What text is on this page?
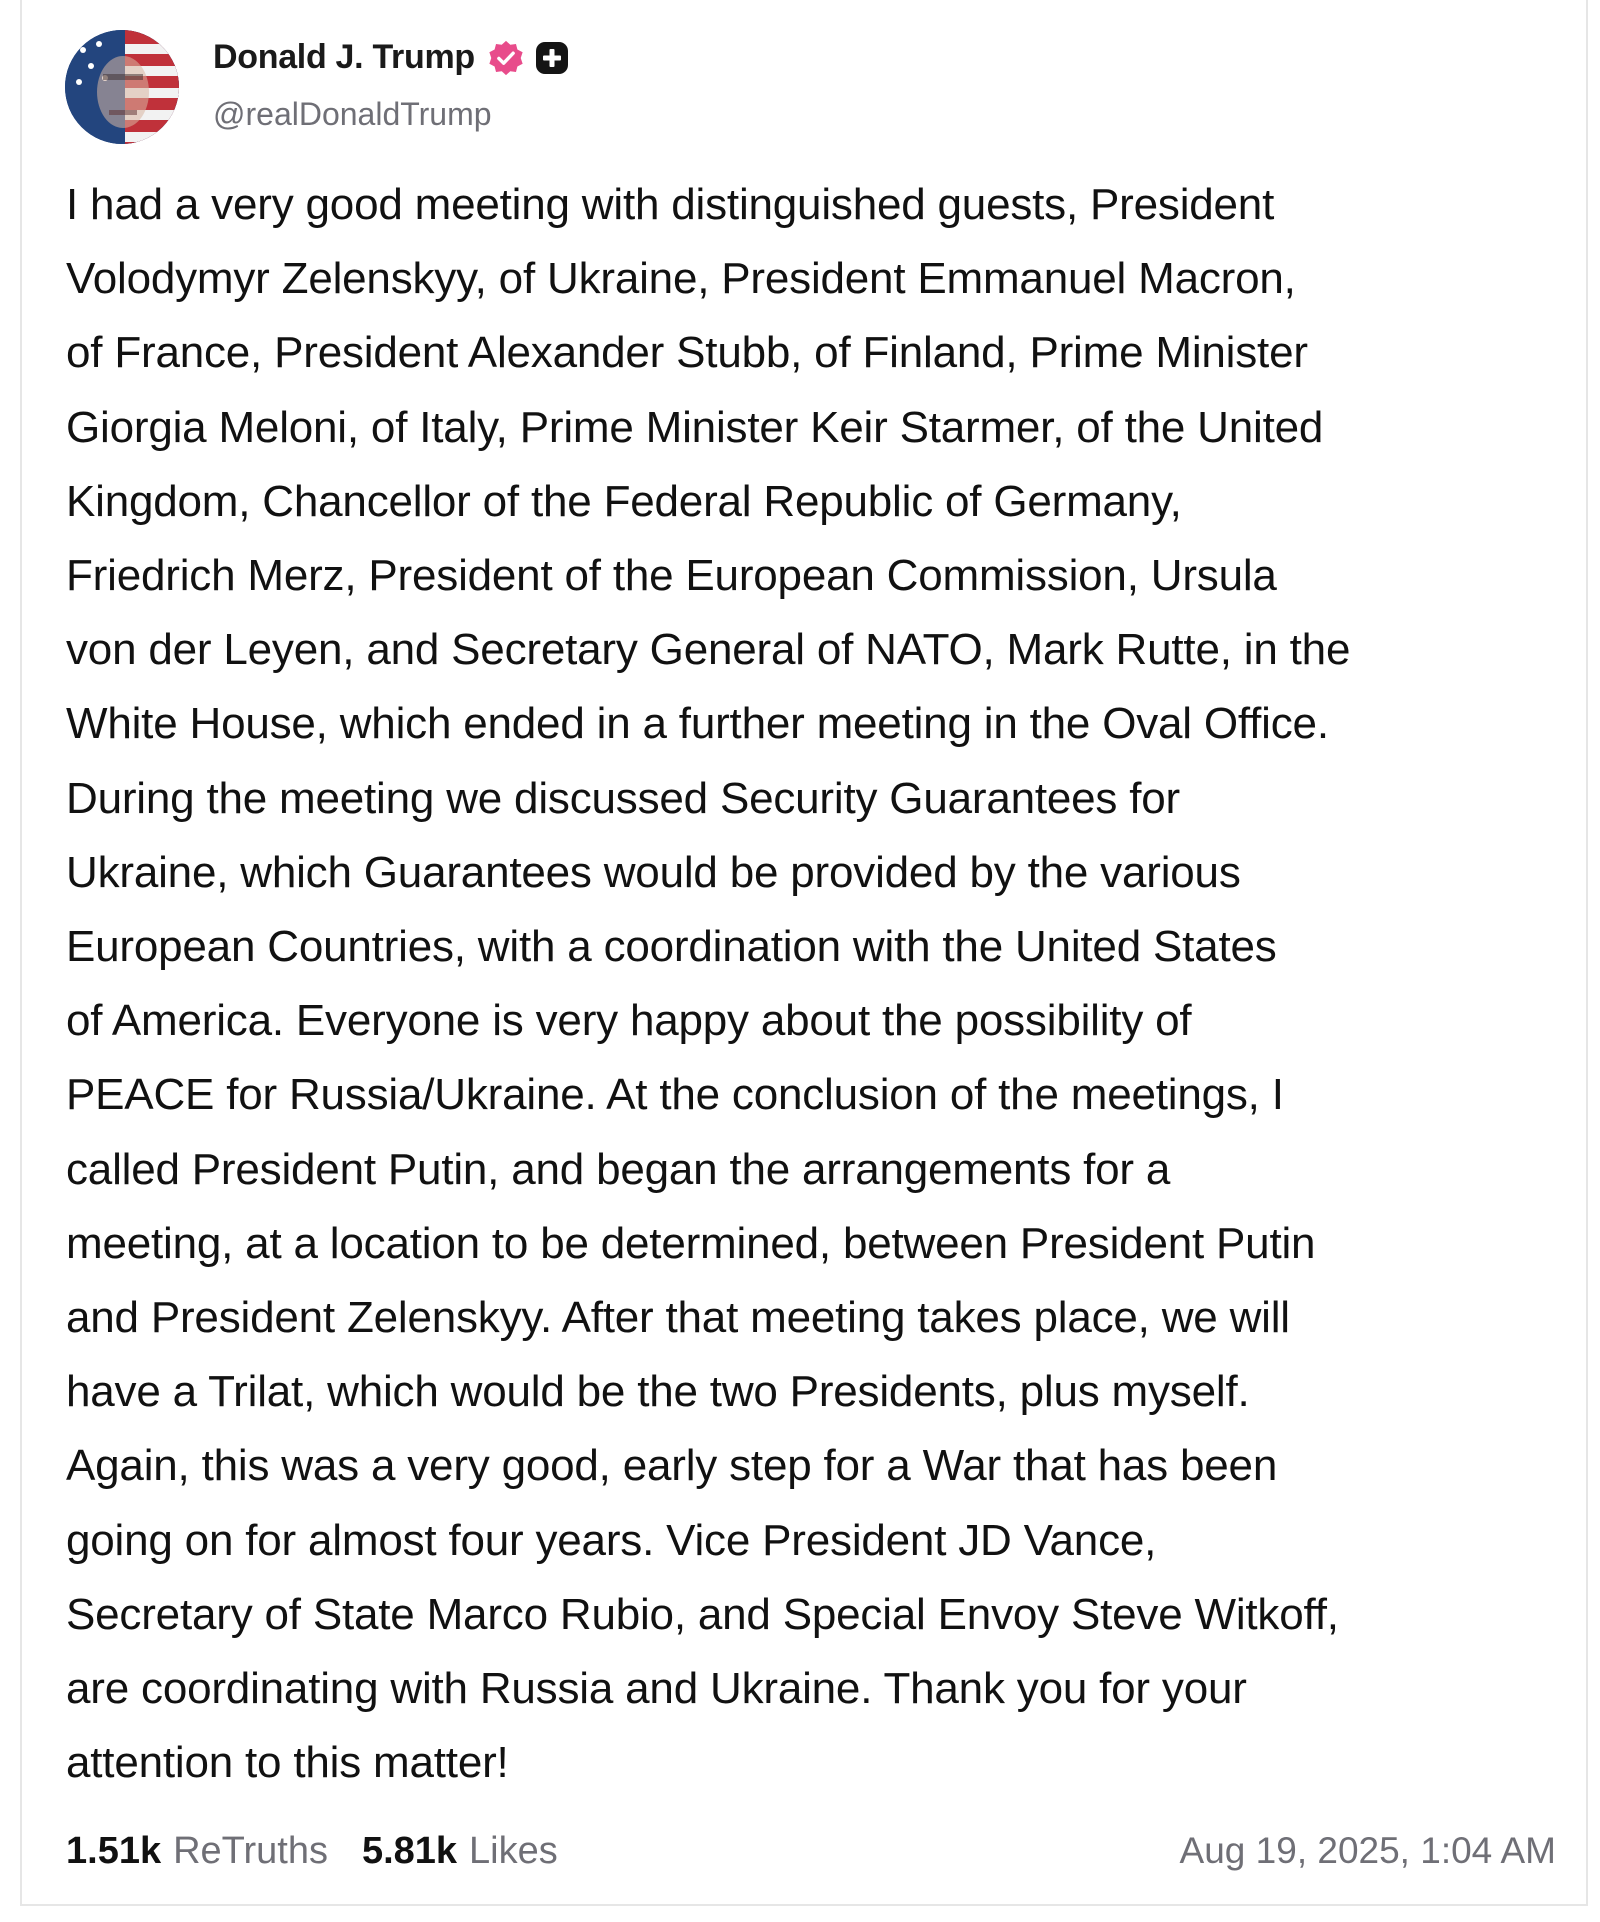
Donald J. Trump
@realDonaldTrump
I had a very good meeting with distinguished guests, President
Volodymyr Zelenskyy, of Ukraine, President Emmanuel Macron,
of France, President Alexander Stubb, of Finland, Prime Minister
Giorgia Meloni, of Italy, Prime Minister Keir Starmer, of the United
Kingdom, Chancellor of the Federal Republic of Germany,
Friedrich Merz, President of the European Commission, Ursula
von der Leyen, and Secretary General of NATO, Mark Rutte, in the
White House, which ended in a further meeting in the Oval Office.
During the meeting we discussed Security Guarantees for
Ukraine, which Guarantees would be provided by the various
European Countries, with a coordination with the United States
of America. Everyone is very happy about the possibility of
PEACE for Russia/Ukraine. At the conclusion of the meetings, I
called President Putin, and began the arrangements for a
meeting, at a location to be determined, between President Putin
and President Zelenskyy. After that meeting takes place, we will
have a Trilat, which would be the two Presidents, plus myself.
Again, this was a very good, early step for a War that has been
going on for almost four years. Vice President JD Vance,
Secretary of State Marco Rubio, and Special Envoy Steve Witkoff,
are coordinating with Russia and Ukraine. Thank you for your
attention to this matter!
1.51k ReTruths 5.81k Likes	Aug 19, 2025, 1:04 AM
